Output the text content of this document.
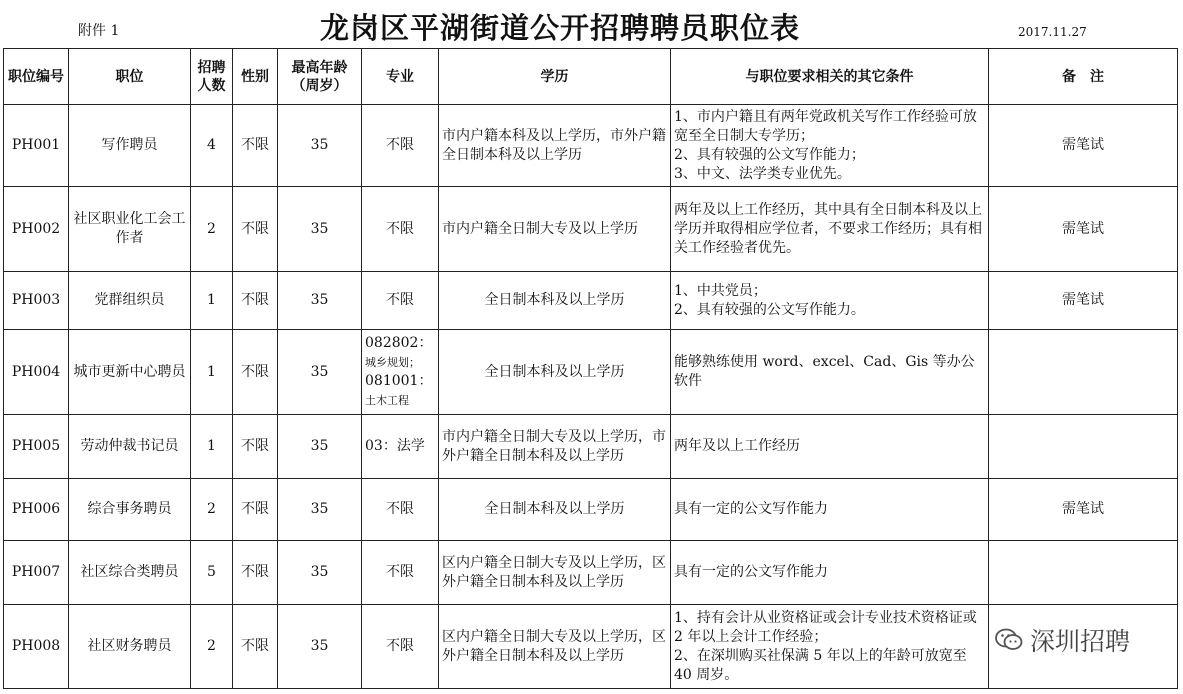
附件 1	龙岗区平湖街道公开招聘聘员职位表	2017.11.27
职位编号	职位	招聘人数	性别	最高年龄（周岁）	专业	学历	与职位要求相关的其它条件	备　注
PH001	写作聘员	4	不限	35	不限	市内户籍本科及以上学历，市外户籍全日制本科及以上学历	1、市内户籍且有两年党政机关写作工作经验可放宽至全日制大专学历；
2、具有较强的公文写作能力；
3、中文、法学类专业优先。	需笔试
PH002	社区职业化工会工作者	2	不限	35	不限	市内户籍全日制大专及以上学历	两年及以上工作经历，其中具有全日制本科及以上学历并取得相应学位者，不要求工作经历；具有相关工作经验者优先。	需笔试
PH003	党群组织员	1	不限	35	不限	全日制本科及以上学历	1、中共党员；
2、具有较强的公文写作能力。	需笔试
PH004	城市更新中心聘员	1	不限	35	082802：
城乡规划；
081001：
土木工程	全日制本科及以上学历	能够熟练使用 word、excel、Cad、Gis 等办公软件	

PH005	劳动仲裁书记员	1	不限	35	03：法学	市内户籍全日制大专及以上学历，市外户籍全日制本科及以上学历	两年及以上工作经历	

PH006	综合事务聘员	2	不限	35	不限	全日制本科及以上学历	具有一定的公文写作能力	需笔试
PH007	社区综合类聘员	5	不限	35	不限	区内户籍全日制大专及以上学历，区外户籍全日制本科及以上学历	具有一定的公文写作能力	

PH008	社区财务聘员	2	不限	35	不限	区内户籍全日制大专及以上学历，区外户籍全日制本科及以上学历	1、持有会计从业资格证或会计专业技术资格证或 2 年以上会计工作经验；
2、在深圳购买社保满 5 年以上的年龄可放宽至 40 周岁。	

深圳招聘
